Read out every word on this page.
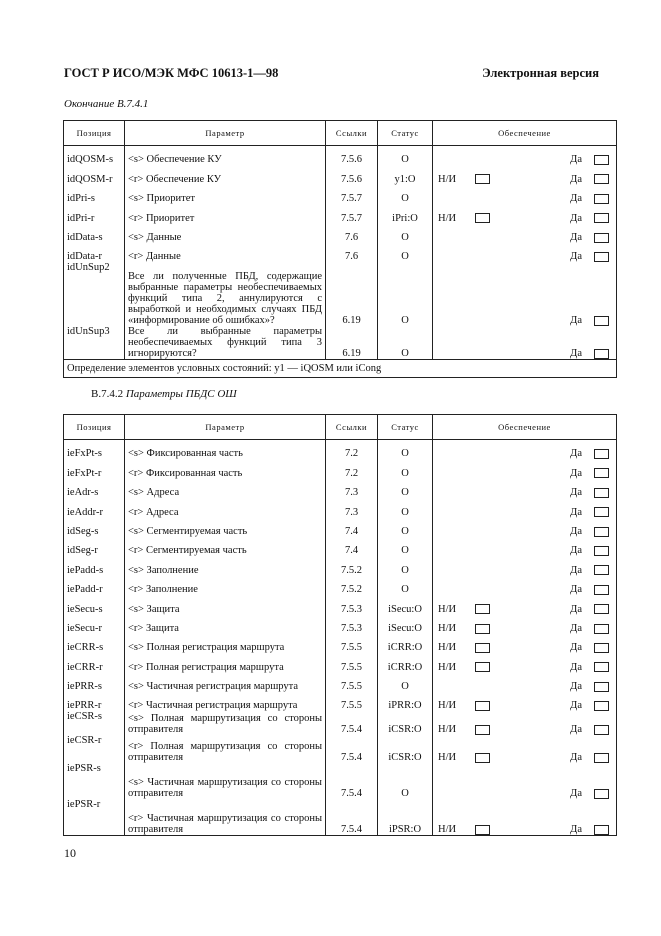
ГОСТ Р ИСО/МЭК МФС 10613-1—98	Электронная версия
Окончание В.7.4.1
Позиция	Параметр	Ссылки	Статус	Обеспечение
idQOSM-s	<s> Обеспечение КУ	7.5.6	О	Да

idQOSM-r	<r> Обеспечение КУ	7.5.6	y1:О	Н/И Да

idPri-s	<s> Приоритет	7.5.7	О	Да

idPri-r	<r> Приоритет	7.5.7	iPri:О	Н/И Да

idData-s	<s> Данные	7.6	О	Да

idData-r	<r> Данные	7.6	О	Да

idUnSup2	Все ли полученные ПБД, содержащие выбранные параметры необеспечиваемых функций типа 2, аннулируются с выработкой и необходимых случаях ПБД «информирование об ошибках»?	6.19	О	Да

idUnSup3	Все ли выбранные параметры необеспечиваемых функций типа 3 игнорируются?	6.19	О	Да

Определение элементов условных состояний: y1 — iQOSM или iCong				
В.7.4.2 Параметры ПБДС ОШ
Позиция	Параметр	Ссылки	Статус	Обеспечение
ieFxPt-s	<s> Фиксированная часть	7.2	О	Да

ieFxPt-r	<r> Фиксированная часть	7.2	О	Да

ieAdr-s	<s> Адреса	7.3	О	Да

ieAddr-r	<r> Адреса	7.3	О	Да

idSeg-s	<s> Сегментируемая часть	7.4	О	Да

idSeg-r	<r> Сегментируемая часть	7.4	О	Да

iePadd-s	<s> Заполнение	7.5.2	О	Да

iePadd-r	<r> Заполнение	7.5.2	О	Да

ieSecu-s	<s> Защита	7.5.3	iSecu:О	Н/И Да

ieSecu-r	<r> Защита	7.5.3	iSecu:О	Н/И Да

ieCRR-s	<s> Полная регистрация маршрута	7.5.5	iCRR:О	Н/И Да

ieCRR-r	<r> Полная регистрация маршрута	7.5.5	iCRR:О	Н/И Да

iePRR-s	<s> Частичная регистрация маршрута	7.5.5	О	Да

iePRR-r	<r> Частичная регистрация маршрута	7.5.5	iPRR:О	Н/И Да

ieCSR-s	<s> Полная маршрутизация со стороны отправителя	7.5.4	iCSR:О	Н/И Да

ieCSR-r	<r> Полная маршрутизация со стороны отправителя	7.5.4	iCSR:О	Н/И Да

iePSR-s	<s> Частичная маршрутизация со стороны отправителя	7.5.4	О	Да

iePSR-r	<r> Частичная маршрутизация со стороны отправителя	7.5.4	iPSR:О	Н/И Да
10
